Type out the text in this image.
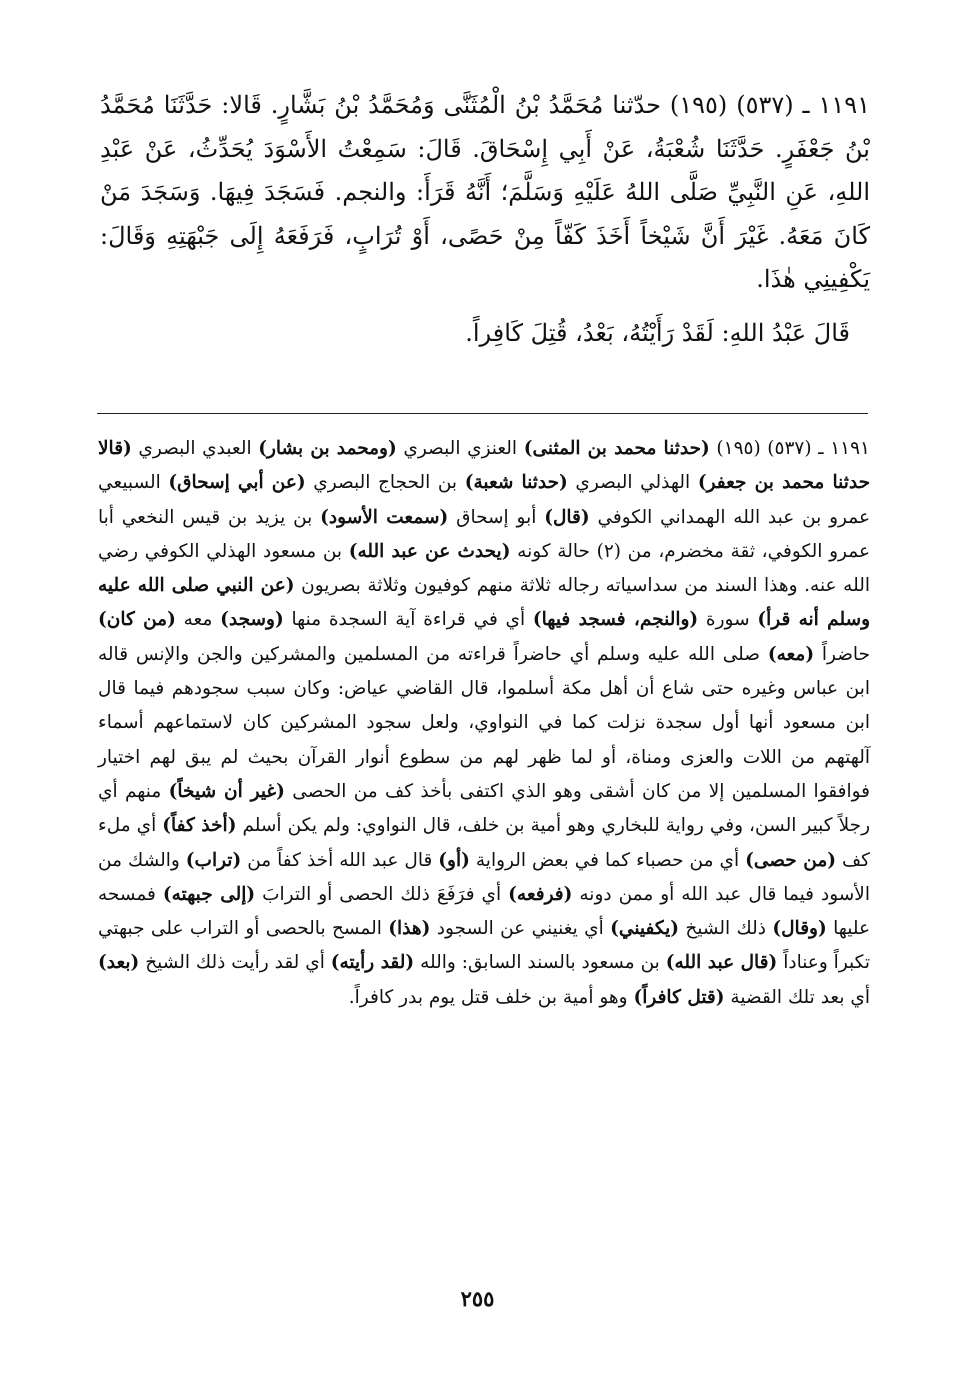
١١٩١ ـ (٥٣٧) (١٩٥) حدّثنا مُحَمَّدُ بْنُ الْمُثَنَّى وَمُحَمَّدُ بْنُ بَشَّارٍ. قَالا: حَدَّثَنَا مُحَمَّدُ بْنُ جَعْفَرٍ. حَدَّثَنَا شُعْبَةُ، عَنْ أَبِي إِسْحَاقَ. قَالَ: سَمِعْتُ الأَسْوَدَ يُحَدِّثُ، عَنْ عَبْدِ اللهِ، عَنِ النَّبِيِّ صَلَّى اللهُ عَلَيْهِ وَسَلَّمَ؛ أَنَّهُ قَرَأَ: والنجم. فَسَجَدَ فِيهَا. وَسَجَدَ مَنْ كَانَ مَعَهُ. غَيْرَ أَنَّ شَيْخاً أَخَذَ كَفّاً مِنْ حَصًى، أَوْ تُرَابٍ، فَرَفَعَهُ إِلَى جَبْهَتِهِ وَقَالَ: يَكْفِينِي هٰذَا.

قَالَ عَبْدُ اللهِ: لَقَدْ رَأَيْتُهُ، بَعْدُ، قُتِلَ كَافِراً.

١١٩١ ـ (٥٣٧) (١٩٥) (حدثنا محمد بن المثنى) العنزي البصري (ومحمد بن بشار) العبدي البصري (قالا حدثنا محمد بن جعفر) الهذلي البصري (حدثنا شعبة) بن الحجاج البصري (عن أبي إسحاق) السبيعي عمرو بن عبد الله الهمداني الكوفي (قال) أبو إسحاق (سمعت الأسود) بن يزيد بن قيس النخعي أبا عمرو الكوفي، ثقة مخضرم، من (٢) حالة كونه (يحدث عن عبد الله) بن مسعود الهذلي الكوفي رضي الله عنه. وهذا السند من سداسياته رجاله ثلاثة منهم كوفيون وثلاثة بصريون (عن النبي صلى الله عليه وسلم أنه قرأ) سورة (والنجم، فسجد فيها) أي في قراءة آية السجدة منها (وسجد) معه (من كان) حاضراً (معه) صلى الله عليه وسلم أي حاضراً قراءته من المسلمين والمشركين والجن والإنس قاله ابن عباس وغيره حتى شاع أن أهل مكة أسلموا، قال القاضي عياض: وكان سبب سجودهم فيما قال ابن مسعود أنها أول سجدة نزلت كما في النواوي، ولعل سجود المشركين كان لاستماعهم أسماء آلهتهم من اللات والعزى ومناة، أو لما ظهر لهم من سطوع أنوار القرآن بحيث لم يبق لهم اختيار فوافقوا المسلمين إلا من كان أشقى وهو الذي اكتفى بأخذ كف من الحصى (غير أن شيخاً) منهم أي رجلاً كبير السن، وفي رواية للبخاري وهو أمية بن خلف، قال النواوي: ولم يكن أسلم (أخذ كفاً) أي ملء كف (من حصى) أي من حصباء كما في بعض الرواية (أو) قال عبد الله أخذ كفاً من (تراب) والشك من الأسود فيما قال عبد الله أو ممن دونه (فرفعه) أي فرَفَعَ ذلك الحصى أو الترابَ (إلى جبهته) فمسحه عليها (وقال) ذلك الشيخ (يكفيني) أي يغنيني عن السجود (هذا) المسح بالحصى أو التراب على جبهتي تكبراً وعناداً (قال عبد الله) بن مسعود بالسند السابق: والله (لقد رأيته) أي لقد رأيت ذلك الشيخ (بعد) أي بعد تلك القضية (قتل كافراً) وهو أمية بن خلف قتل يوم بدر كافراً.

٢٥٥
